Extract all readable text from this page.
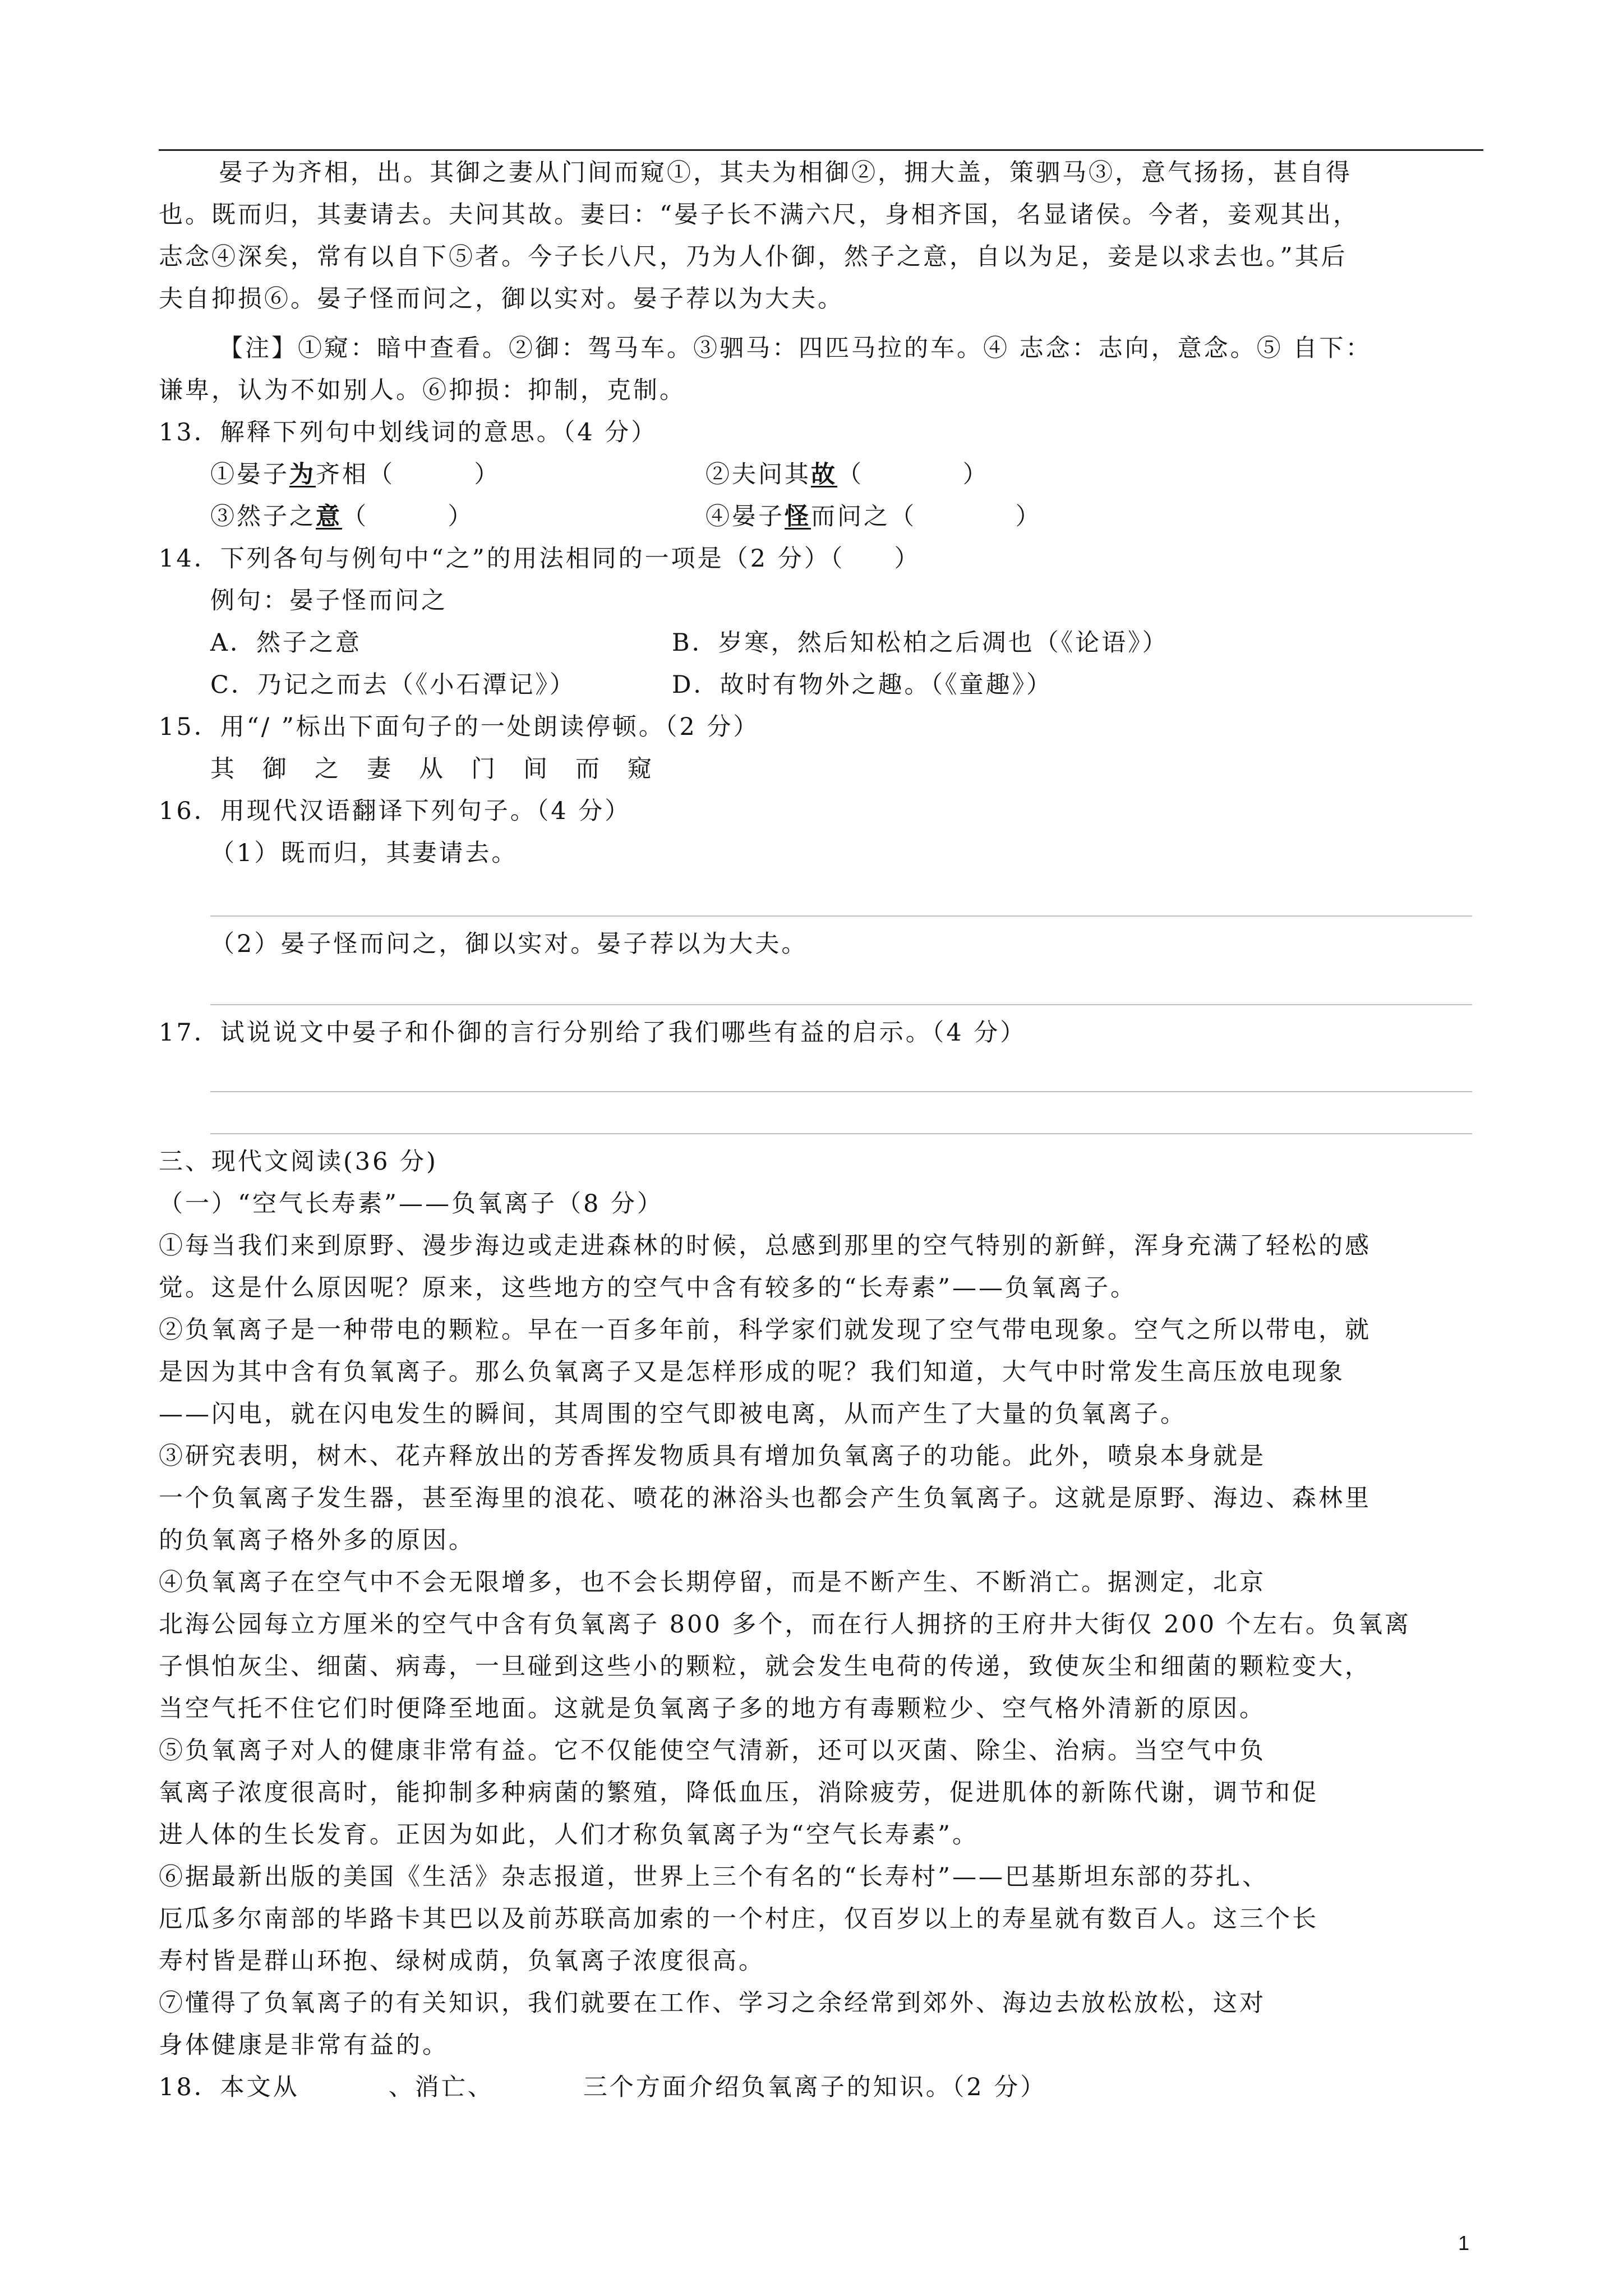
晏子为齐相，出。其御之妻从门间而窥①，其夫为相御②，拥大盖，策驷马③，意气扬扬，甚自得
也。既而归，其妻请去。夫问其故。妻曰：“晏子长不满六尺，身相齐国，名显诸侯。今者，妾观其出，
志念④深矣，常有以自下⑤者。今子长八尺，乃为人仆御，然子之意，自以为足，妾是以求去也。”其后
夫自抑损⑥。晏子怪而问之，御以实对。晏子荐以为大夫。
【注】①窥：暗中查看。②御：驾马车。③驷马：四匹马拉的车。④ 志念：志向，意念。⑤ 自下：
谦卑，认为不如别人。⑥抑损：抑制，克制。
13．解释下列句中划线词的意思。（4 分）
①晏子为齐相（        ）	②夫问其故（          ）
③然子之意（        ）	④晏子怪而问之（          ）
14．下列各句与例句中“之”的用法相同的一项是（2 分）（     ）
例句：晏子怪而问之
A．然子之意	B．岁寒，然后知松柏之后凋也（《论语》）
C．乃记之而去（《小石潭记》）	D．故时有物外之趣。（《童趣》）
15．用“/ ”标出下面句子的一处朗读停顿。（2 分）
其御之妻从门间而窥
16．用现代汉语翻译下列句子。（4 分）
（1）既而归，其妻请去。
（2）晏子怪而问之，御以实对。晏子荐以为大夫。
17．试说说文中晏子和仆御的言行分别给了我们哪些有益的启示。（4 分）
三、现代文阅读(36 分)
（一）“空气长寿素”——负氧离子（8 分）
①每当我们来到原野、漫步海边或走进森林的时候，总感到那里的空气特别的新鲜，浑身充满了轻松的感
觉。这是什么原因呢？原来，这些地方的空气中含有较多的“长寿素”——负氧离子。
②负氧离子是一种带电的颗粒。早在一百多年前，科学家们就发现了空气带电现象。空气之所以带电，就
是因为其中含有负氧离子。那么负氧离子又是怎样形成的呢？我们知道，大气中时常发生高压放电现象
——闪电，就在闪电发生的瞬间，其周围的空气即被电离，从而产生了大量的负氧离子。
③研究表明，树木、花卉释放出的芳香挥发物质具有增加负氧离子的功能。此外，喷泉本身就是
一个负氧离子发生器，甚至海里的浪花、喷花的淋浴头也都会产生负氧离子。这就是原野、海边、森林里
的负氧离子格外多的原因。
④负氧离子在空气中不会无限增多，也不会长期停留，而是不断产生、不断消亡。据测定，北京
北海公园每立方厘米的空气中含有负氧离子 800 多个，而在行人拥挤的王府井大街仅 200 个左右。负氧离
子惧怕灰尘、细菌、病毒，一旦碰到这些小的颗粒，就会发生电荷的传递，致使灰尘和细菌的颗粒变大，
当空气托不住它们时便降至地面。这就是负氧离子多的地方有毒颗粒少、空气格外清新的原因。
⑤负氧离子对人的健康非常有益。它不仅能使空气清新，还可以灭菌、除尘、治病。当空气中负
氧离子浓度很高时，能抑制多种病菌的繁殖，降低血压，消除疲劳，促进肌体的新陈代谢，调节和促
进人体的生长发育。正因为如此，人们才称负氧离子为“空气长寿素”。
⑥据最新出版的美国《生活》杂志报道，世界上三个有名的“长寿村”——巴基斯坦东部的芬扎、
厄瓜多尔南部的毕路卡其巴以及前苏联高加索的一个村庄，仅百岁以上的寿星就有数百人。这三个长
寿村皆是群山环抱、绿树成荫，负氧离子浓度很高。
⑦懂得了负氧离子的有关知识，我们就要在工作、学习之余经常到郊外、海边去放松放松，这对
身体健康是非常有益的。
18．本文从         、消亡、         三个方面介绍负氧离子的知识。（2 分）
1
